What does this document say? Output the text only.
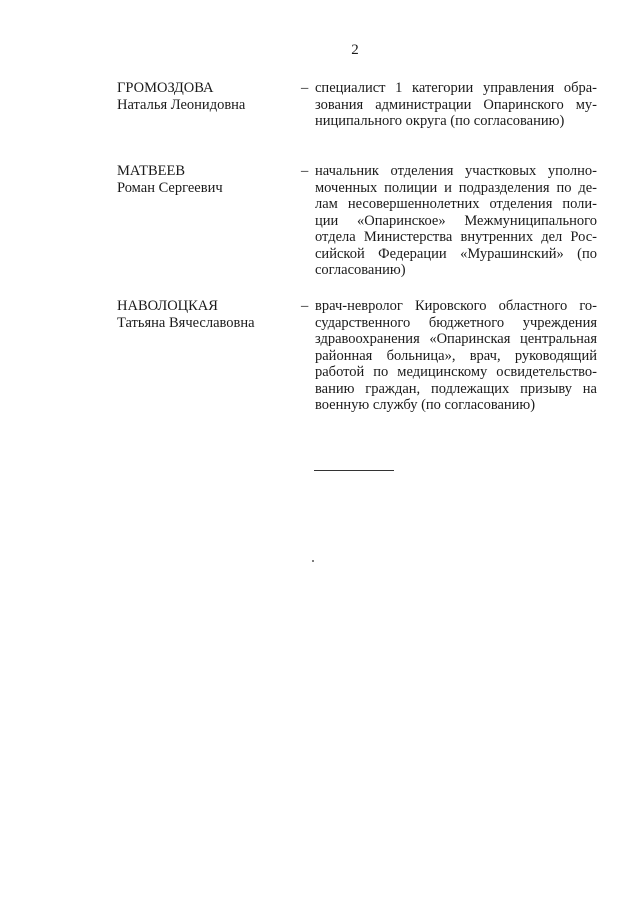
2
ГРОМОЗДОВА
Наталья Леонидовна
– специалист 1 категории управления обра-
зования администрации Опаринского му-
ниципального округа (по согласованию)
МАТВЕЕВ
Роман Сергеевич
– начальник отделения участковых уполно-
моченных полиции и подразделения по де-
лам несовершеннолетних отделения поли-
ции «Опаринское» Межмуниципального
отдела Министерства внутренних дел Рос-
сийской Федерации «Мурашинский» (по
согласованию)
НАВОЛОЦКАЯ
Татьяна Вячеславовна
– врач-невролог Кировского областного го-
сударственного бюджетного учреждения
здравоохранения «Опаринская центральная
районная больница», врач, руководящий
работой по медицинскому освидетельство-
ванию граждан, подлежащих призыву на
военную службу (по согласованию)
